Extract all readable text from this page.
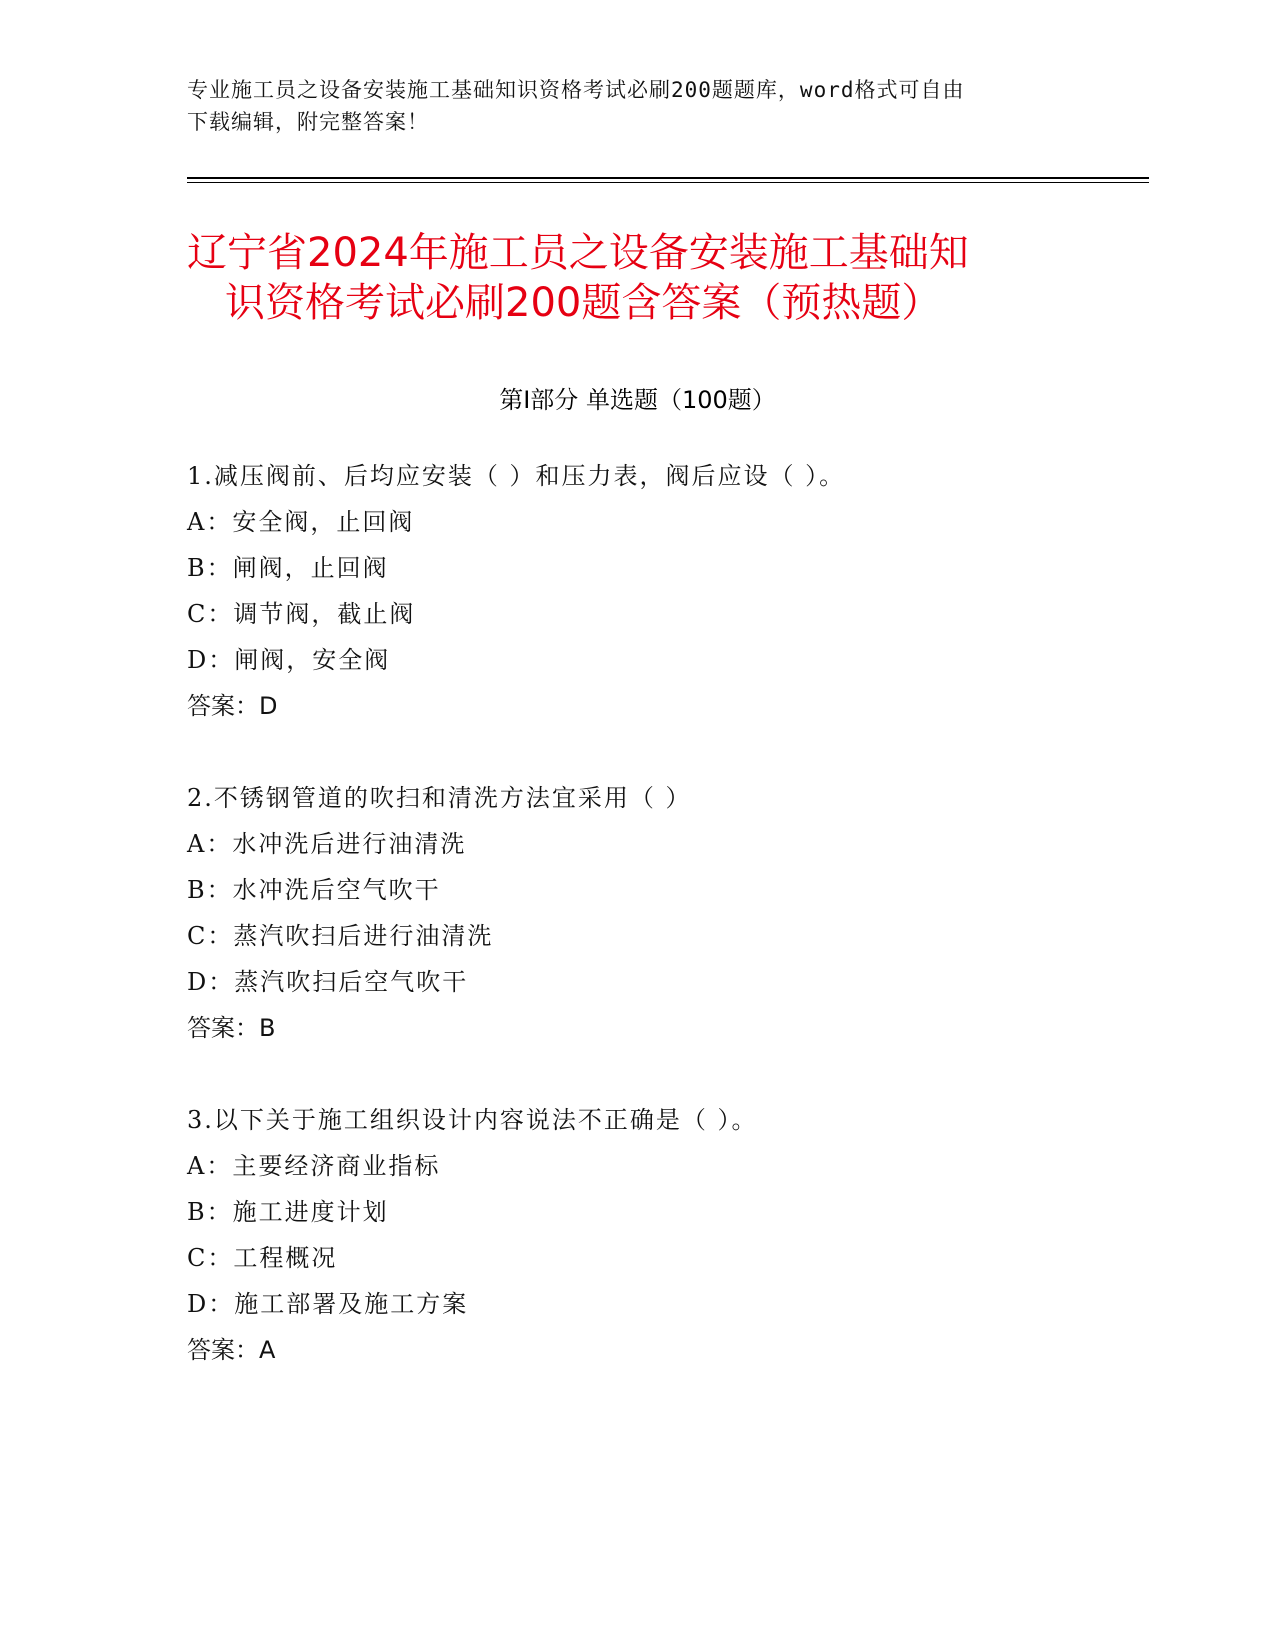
专业施工员之设备安装施工基础知识资格考试必刷200题题库，word格式可自由
下载编辑，附完整答案！
辽宁省2024年施工员之设备安装施工基础知
识资格考试必刷200题含答案（预热题）
第Ⅰ部分 单选题（100题）
1.减压阀前、后均应安装（ ）和压力表，阀后应设（ ）。
A：安全阀，止回阀
B：闸阀，止回阀
C：调节阀，截止阀
D：闸阀，安全阀
答案：D
2.不锈钢管道的吹扫和清洗方法宜采用（ ）
A：水冲洗后进行油清洗
B：水冲洗后空气吹干
C：蒸汽吹扫后进行油清洗
D：蒸汽吹扫后空气吹干
答案：B
3.以下关于施工组织设计内容说法不正确是（ ）。
A：主要经济商业指标
B：施工进度计划
C：工程概况
D：施工部署及施工方案
答案：A
